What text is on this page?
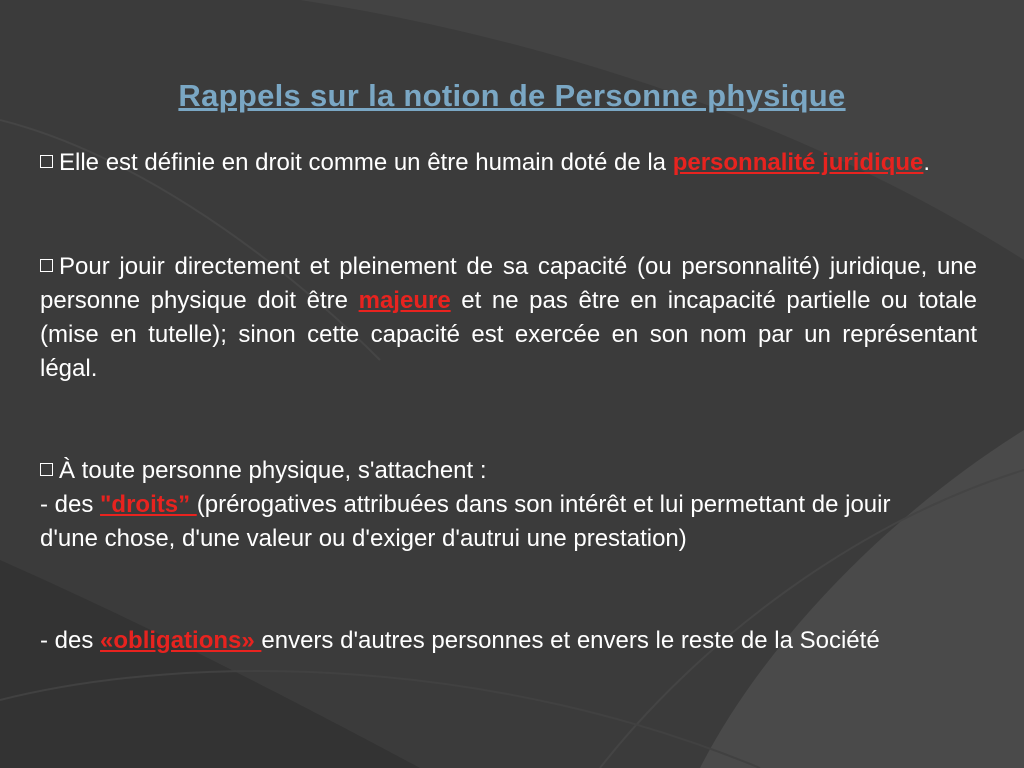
Rappels sur la notion de Personne physique
Elle est définie en droit comme un être humain doté de la personnalité juridique.
Pour jouir directement et pleinement de sa capacité (ou personnalité) juridique, une personne physique doit être majeure et ne pas être en incapacité partielle ou totale (mise en tutelle); sinon cette capacité est exercée en son nom par un représentant légal.
À toute personne physique, s'attachent :
- des "droits” (prérogatives attribuées dans son intérêt et lui permettant de jouir d'une chose, d'une valeur ou d'exiger d'autrui une prestation)
- des «obligations» envers d'autres personnes et envers le reste de la Société
